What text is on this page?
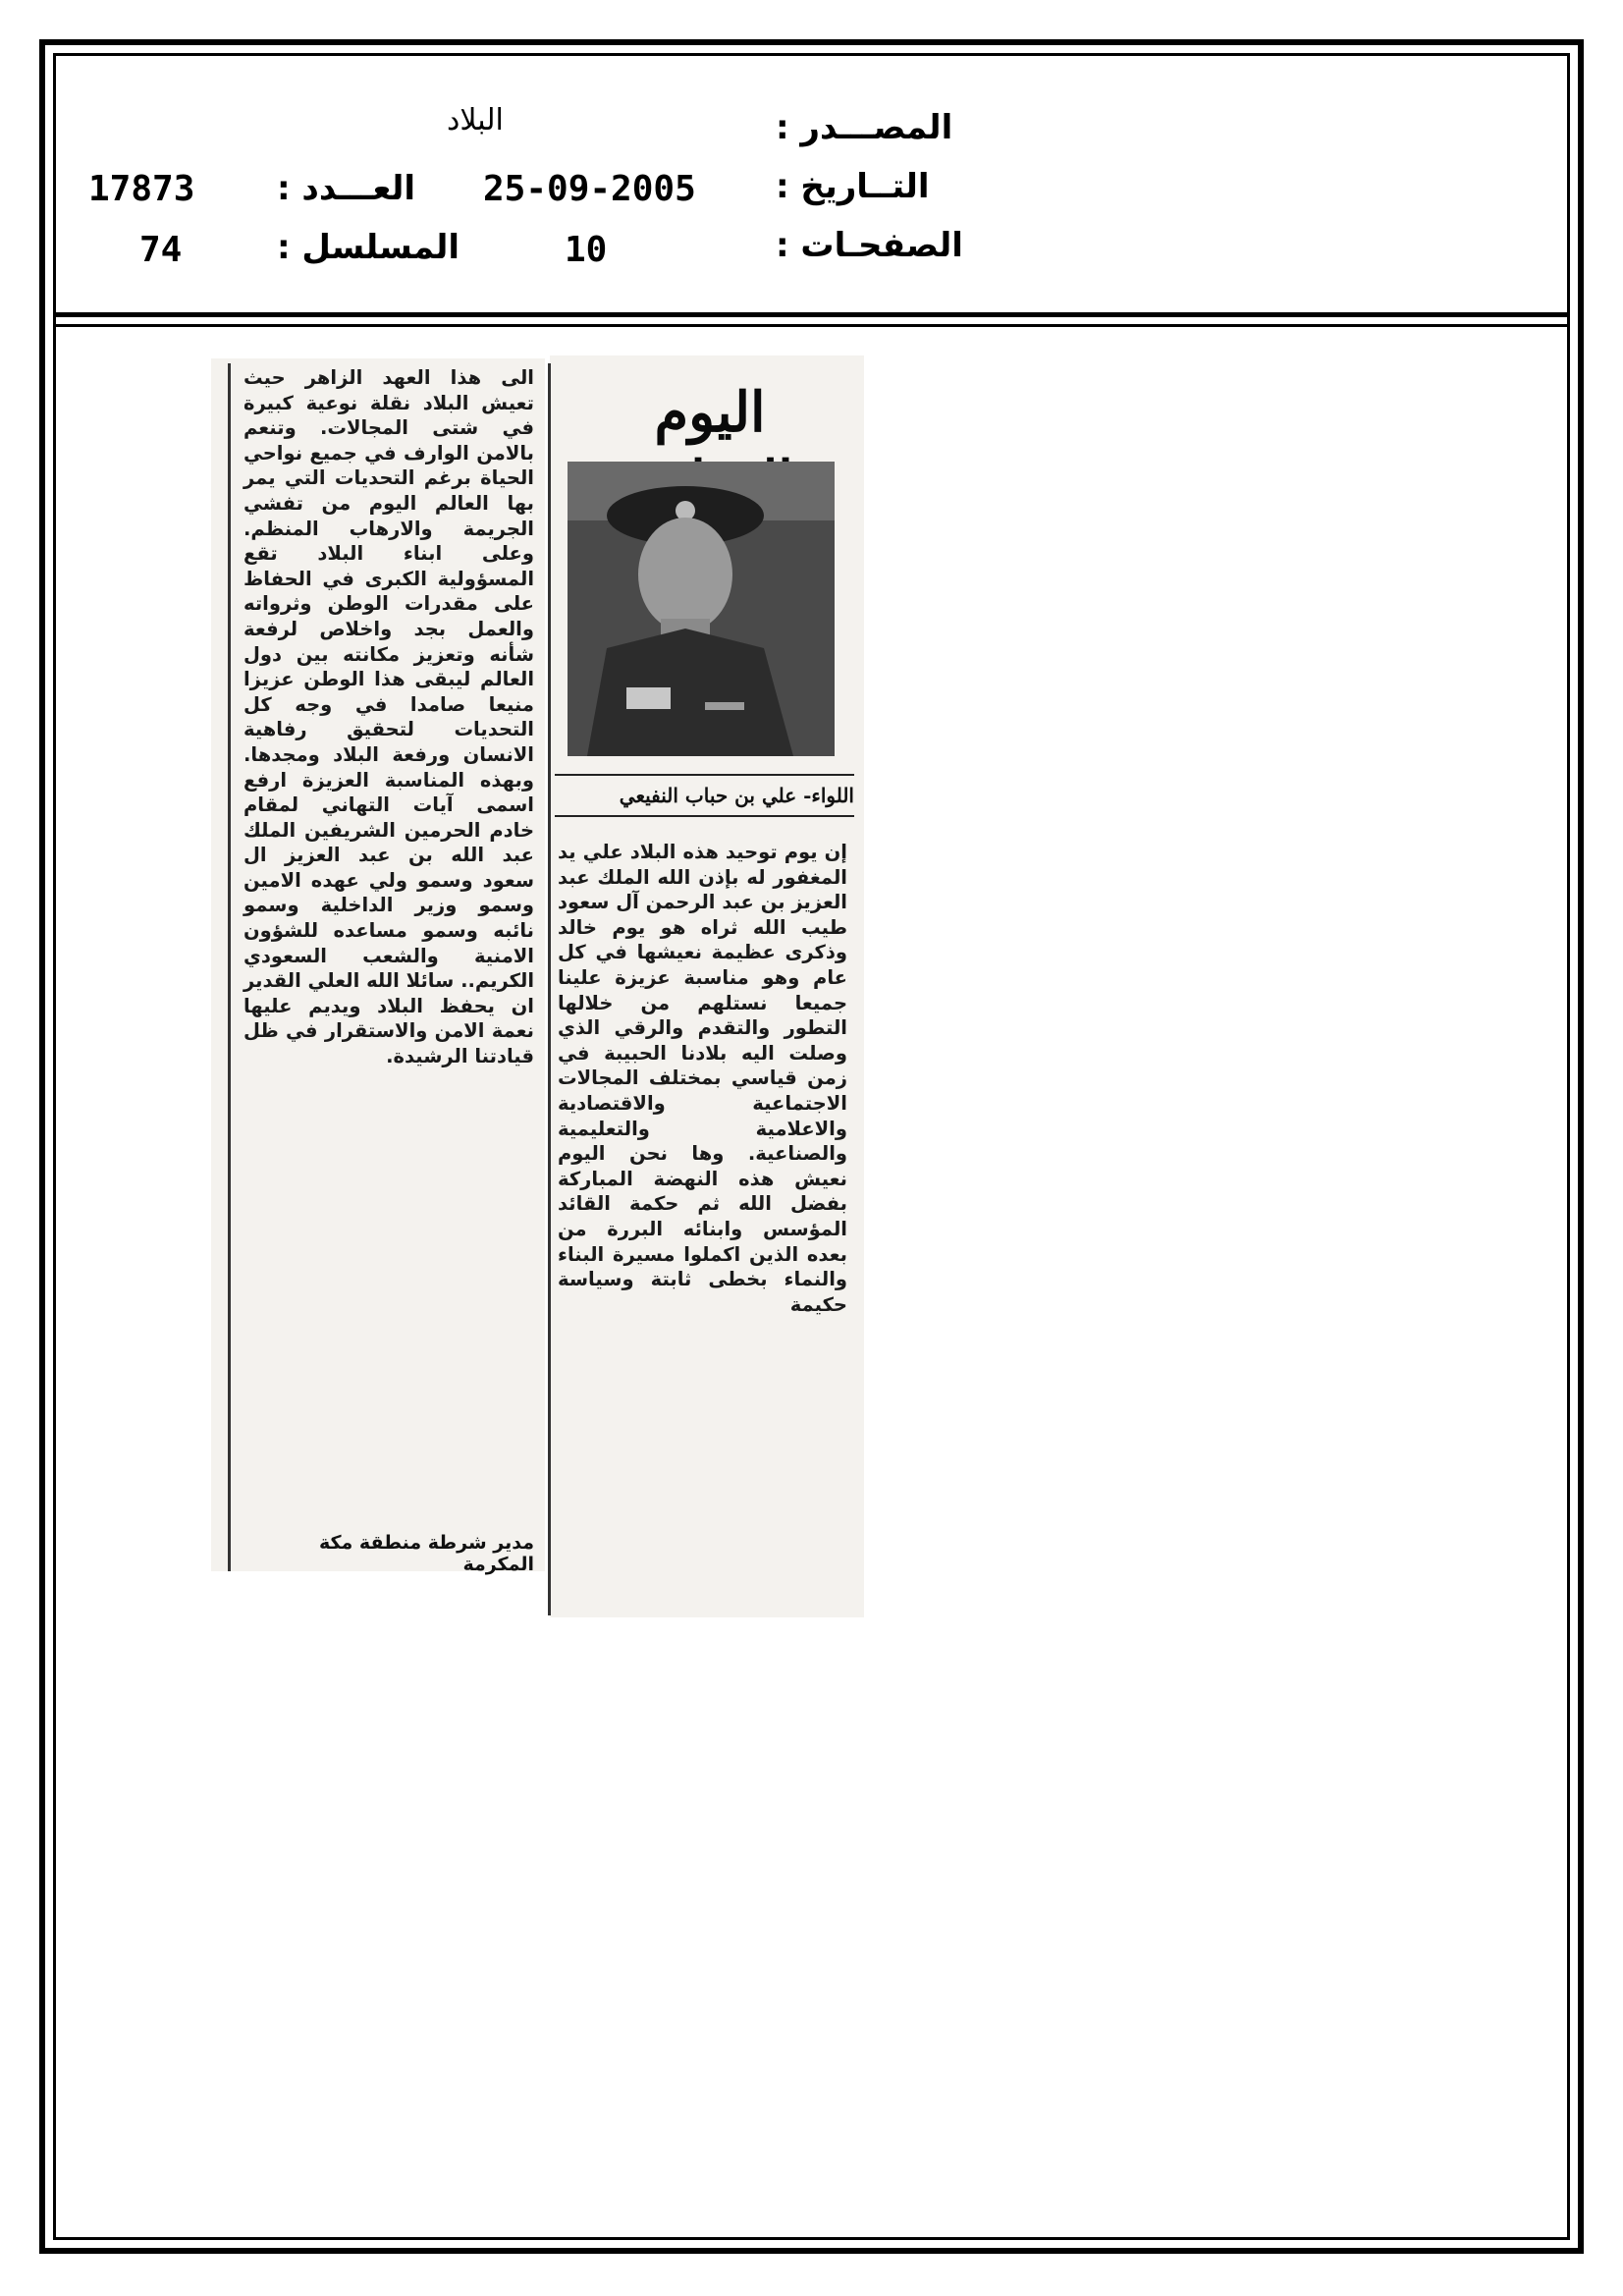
المصـــدر :
البلاد
التــاريخ :
25-09-2005
العـــدد :
17873
الصفحـات :
10
المسلسل :
74
اليوم
اللواء- علي بن حباب النفيعي
إن يوم توحيد هذه البلاد علي يد المغفور له بإذن الله الملك عبد العزيز بن عبد الرحمن آل سعود طيب الله ثراه هو يوم خالد وذكرى عظيمة نعيشها في كل عام وهو مناسبة عزيزة علينا جميعا نستلهم من خلالها التطور والتقدم والرقي الذي وصلت اليه بلادنا الحبيبة في زمن قياسي بمختلف المجالات الاجتماعية والاقتصادية والاعلامية والتعليمية والصناعية. وها نحن اليوم نعيش هذه النهضة المباركة بفضل الله ثم حكمة القائد المؤسس وابنائه البررة من بعده الذين اكملوا مسيرة البناء والنماء بخطى ثابتة وسياسة حكيمة
الى هذا العهد الزاهر حيث تعيش البلاد نقلة نوعية كبيرة في شتى المجالات. وتنعم بالامن الوارف في جميع نواحي الحياة برغم التحديات التي يمر بها العالم اليوم من تفشي الجريمة والارهاب المنظم. وعلى ابناء البلاد تقع المسؤولية الكبرى في الحفاظ على مقدرات الوطن وثرواته والعمل بجد واخلاص لرفعة شأنه وتعزيز مكانته بين دول العالم ليبقى هذا الوطن عزيزا منيعا صامدا في وجه كل التحديات لتحقيق رفاهية الانسان ورفعة البلاد ومجدها. وبهذه المناسبة العزيزة ارفع اسمى آيات التهاني لمقام خادم الحرمين الشريفين الملك عبد الله بن عبد العزيز ال سعود وسمو ولي عهده الامين وسمو وزير الداخلية وسمو نائبه وسمو مساعده للشؤون الامنية والشعب السعودي الكريم.. سائلا الله العلي القدير ان يحفظ البلاد ويديم عليها نعمة الامن والاستقرار في ظل قيادتنا الرشيدة.
مدير شرطة منطقة مكة المكرمة
